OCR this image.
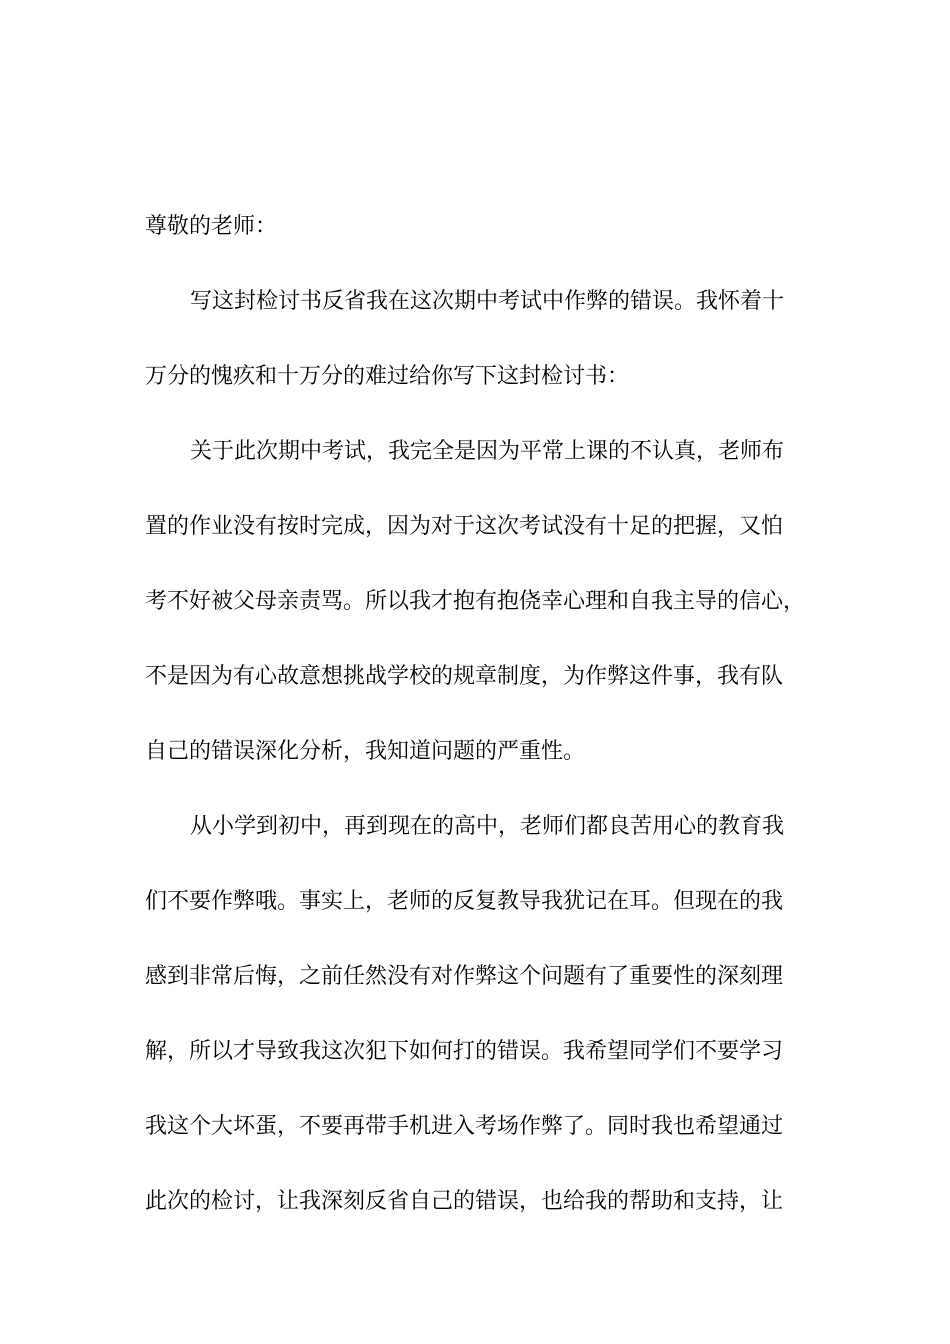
尊敬的老师：
写这封检讨书反省我在这次期中考试中作弊的错误。我怀着十
万分的愧疚和十万分的难过给你写下这封检讨书：
关于此次期中考试，我完全是因为平常上课的不认真，老师布
置的作业没有按时完成，因为对于这次考试没有十足的把握，又怕
考不好被父母亲责骂。所以我才抱有抱侥幸心理和自我主导的信心，
不是因为有心故意想挑战学校的规章制度，为作弊这件事，我有队
自己的错误深化分析，我知道问题的严重性。
从小学到初中，再到现在的高中，老师们都良苦用心的教育我
们不要作弊哦。事实上，老师的反复教导我犹记在耳。但现在的我
感到非常后悔，之前任然没有对作弊这个问题有了重要性的深刻理
解，所以才导致我这次犯下如何打的错误。我希望同学们不要学习
我这个大坏蛋，不要再带手机进入考场作弊了。同时我也希望通过
此次的检讨，让我深刻反省自己的错误，也给我的帮助和支持，让
